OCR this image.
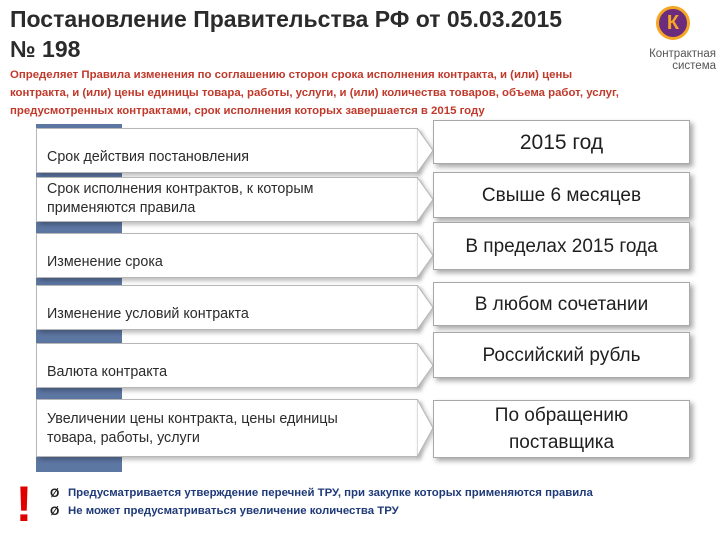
Постановление Правительства РФ от 05.03.2015
№ 198
К
Контрактная
система
Определяет Правила изменения по соглашению сторон срока исполнения контракта, и (или) цены
контракта, и (или) цены единицы товара, работы, услуги, и (или) количества товаров, объема работ, услуг,
предусмотренных контрактами, срок исполнения которых завершается в 2015 году
Срок действия постановления
2015 год
Срок исполнения контрактов, к которым
применяются правила
Свыше 6 месяцев
Изменение срока
В пределах 2015 года
Изменение условий контракта	В любом сочетании
Валюта контракта
Российский рубль
Увеличении цены контракта, цены единицы
товара, работы, услуги
По обращению
поставщика
! Ø Предусматривается утверждение перечней ТРУ, при закупке которых применяются правила
Ø Не может предусматриваться увеличение количества ТРУ
